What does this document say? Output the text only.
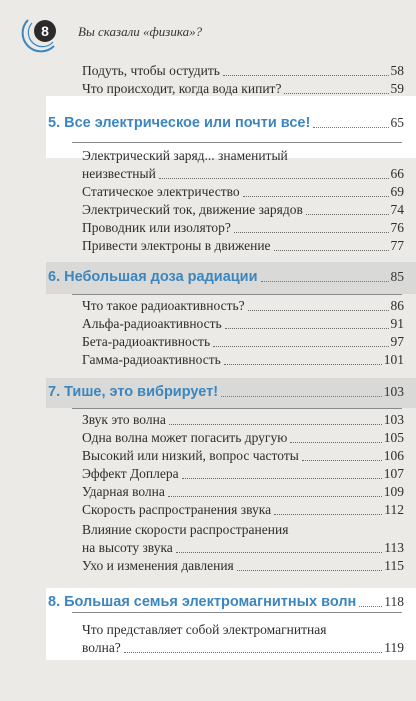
8	Вы сказали «физика»?
Подуть, чтобы остудить	58
Что происходит, когда вода кипит?	59
5. Все электрическое или почти все!	65
Электрический заряд... знаменитый
неизвестный	66
Статическое электричество	69
Электрический ток, движение зарядов	74
Проводник или изолятор?	76
Привести электроны в движение	77
6. Небольшая доза радиации	85
Что такое радиоактивность?	86
Альфа-радиоактивность	91
Бета-радиоактивность	97
Гамма-радиоактивность	101
7. Тише, это вибрирует!	103
Звук это волна	103
Одна волна может погасить другую	105
Высокий или низкий, вопрос частоты	106
Эффект Доплера	107
Ударная волна	109
Скорость распространения звука	112
Влияние скорости распространения
на высоту звука	113
Ухо и изменения давления	115
8. Большая семья электромагнитных волн 118
Что представляет собой электромагнитная
волна?	119
